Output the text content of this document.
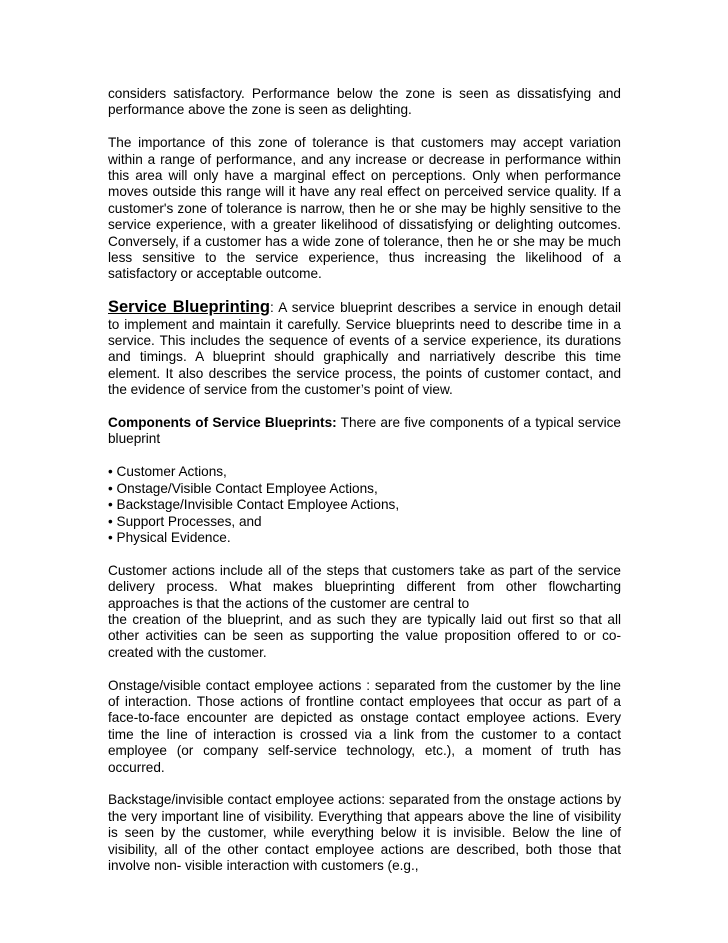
considers satisfactory. Performance below the zone is seen as dissatisfying and performance above the zone is seen as delighting.

The importance of this zone of tolerance is that customers may accept variation within a range of performance, and any increase or decrease in performance within this area will only have a marginal effect on perceptions. Only when performance moves outside this range will it have any real effect on perceived service quality. If a customer's zone of tolerance is narrow, then he or she may be highly sensitive to the service experience, with a greater likelihood of dissatisfying or delighting outcomes. Conversely, if a customer has a wide zone of tolerance, then he or she may be much less sensitive to the service experience, thus increasing the likelihood of a satisfactory or acceptable outcome.

Service Blueprinting: A service blueprint describes a service in enough detail to implement and maintain it carefully. Service blueprints need to describe time in a service. This includes the sequence of events of a service experience, its durations and timings. A blueprint should graphically and narriatively describe this time element. It also describes the service process, the points of customer contact, and the evidence of service from the customer’s point of view.

Components of Service Blueprints: There are five components of a typical service blueprint

• Customer Actions,
• Onstage/Visible Contact Employee Actions,
• Backstage/Invisible Contact Employee Actions,
• Support Processes, and
• Physical Evidence.
Customer actions include all of the steps that customers take as part of the service delivery process. What makes blueprinting different from other flowcharting approaches is that the actions of the customer are central to
the creation of the blueprint, and as such they are typically laid out first so that all other activities can be seen as supporting the value proposition offered to or co-created with the customer.

Onstage/visible contact employee actions : separated from the customer by the line of interaction. Those actions of frontline contact employees that occur as part of a face-to-face encounter are depicted as onstage contact employee actions. Every time the line of interaction is crossed via a link from the customer to a contact employee (or company self-service technology, etc.), a moment of truth has occurred.

Backstage/invisible contact employee actions: separated from the onstage actions by the very important line of visibility. Everything that appears above the line of visibility is seen by the customer, while everything below it is invisible. Below the line of visibility, all of the other contact employee actions are described, both those that involve non- visible interaction with customers (e.g.,
